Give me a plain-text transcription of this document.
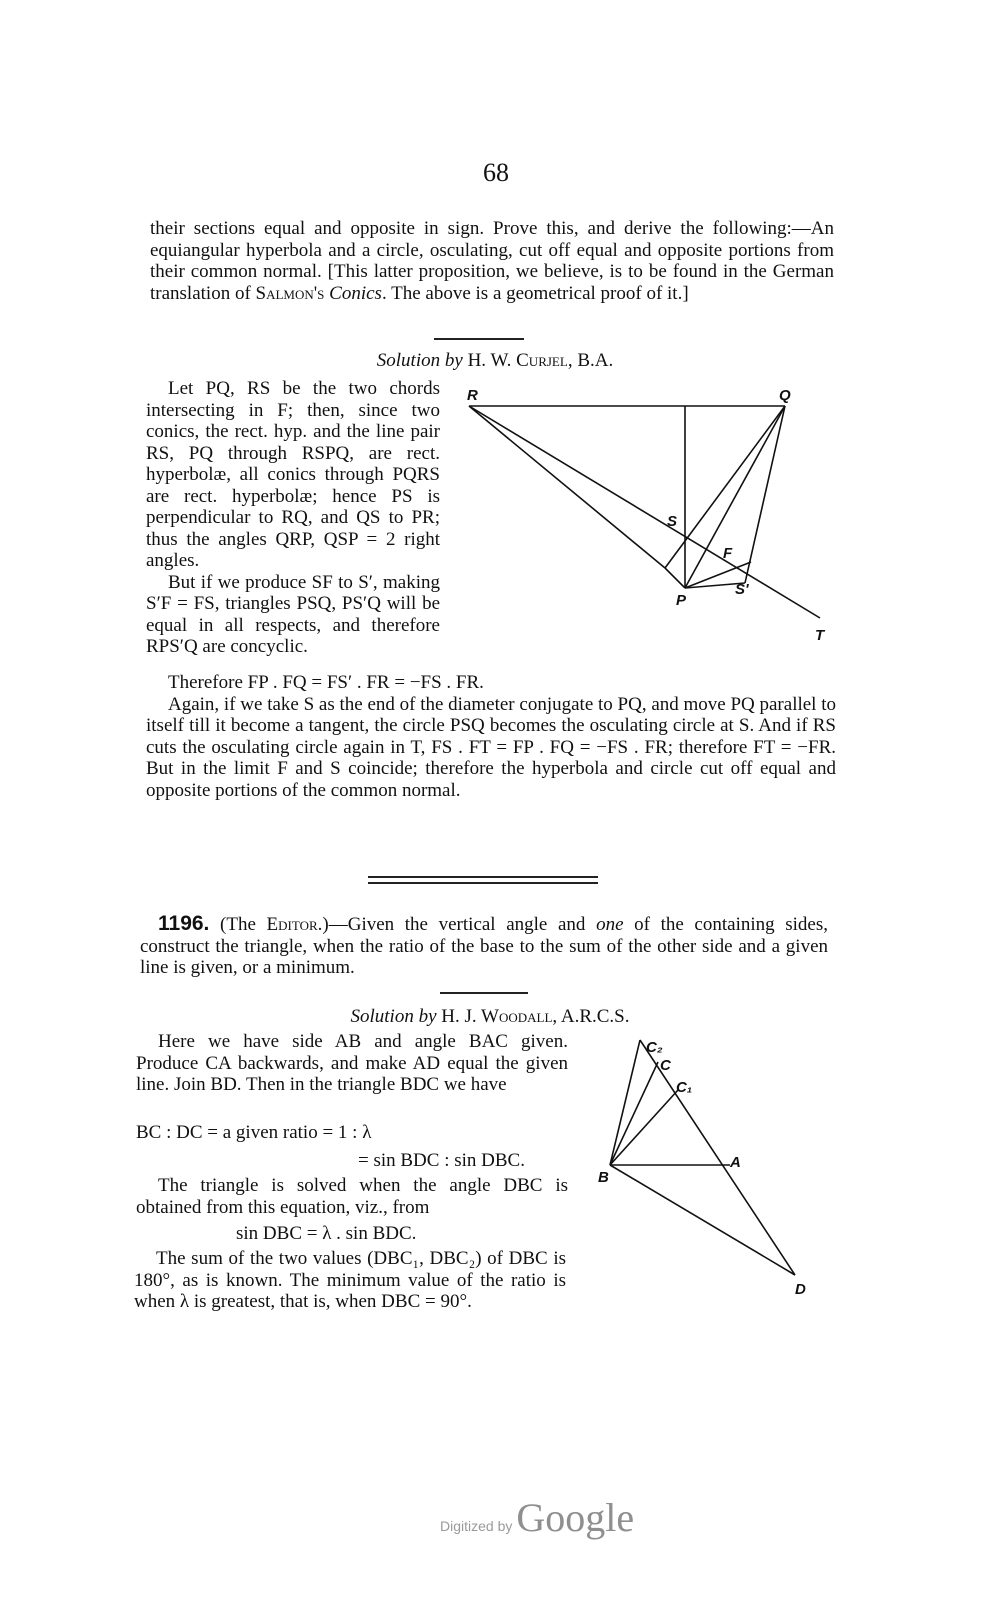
68
their sections equal and opposite in sign. Prove this, and derive the following:—An equiangular hyperbola and a circle, osculating, cut off equal and opposite portions from their common normal. [This latter proposition, we believe, is to be found in the German translation of Salmon's Conics. The above is a geometrical proof of it.]
Solution by H. W. Curjel, B.A.

Let PQ, RS be the two chords intersecting in F; then, since two conics, the rect. hyp. and the line pair RS, PQ through RSPQ, are rect. hyperbolæ, all conics through PQRS are rect. hyperbolæ; hence PS is perpendicular to RQ, and QS to PR; thus the angles QRP, QSP = 2 right angles.

But if we produce SF to S′, making S′F = FS, triangles PSQ, PS′Q will be equal in all respects, and therefore RPS′Q are concyclic.

R	Q
S
F
S'
P
T

Therefore FP . FQ = FS′ . FR = −FS . FR.

Again, if we take S as the end of the diameter conjugate to PQ, and move PQ parallel to itself till it become a tangent, the circle PSQ becomes the osculating circle at S. And if RS cuts the osculating circle again in T, FS . FT = FP . FQ = −FS . FR; therefore FT = −FR. But in the limit F and S coincide; therefore the hyperbola and circle cut off equal and opposite portions of the common normal.

1196. (The Editor.)—Given the vertical angle and one of the containing sides, construct the triangle, when the ratio of the base to the sum of the other side and a given line is given, or a minimum.
Solution by H. J. Woodall, A.R.C.S.

Here we have side AB and angle BAC given. Produce CA backwards, and make AD equal the given line. Join BD. Then in the triangle BDC we have

BC : DC = a given ratio = 1 : λ
= sin BDC : sin DBC.

The triangle is solved when the angle DBC is obtained from this equation, viz., from

sin DBC = λ . sin BDC.

The sum of the two values (DBC₁, DBC₂) of DBC is 180°, as is known. The minimum value of the ratio is when λ is greatest, that is, when DBC = 90°.

C₂
C
C₁
B
A
D
Digitized by Google
